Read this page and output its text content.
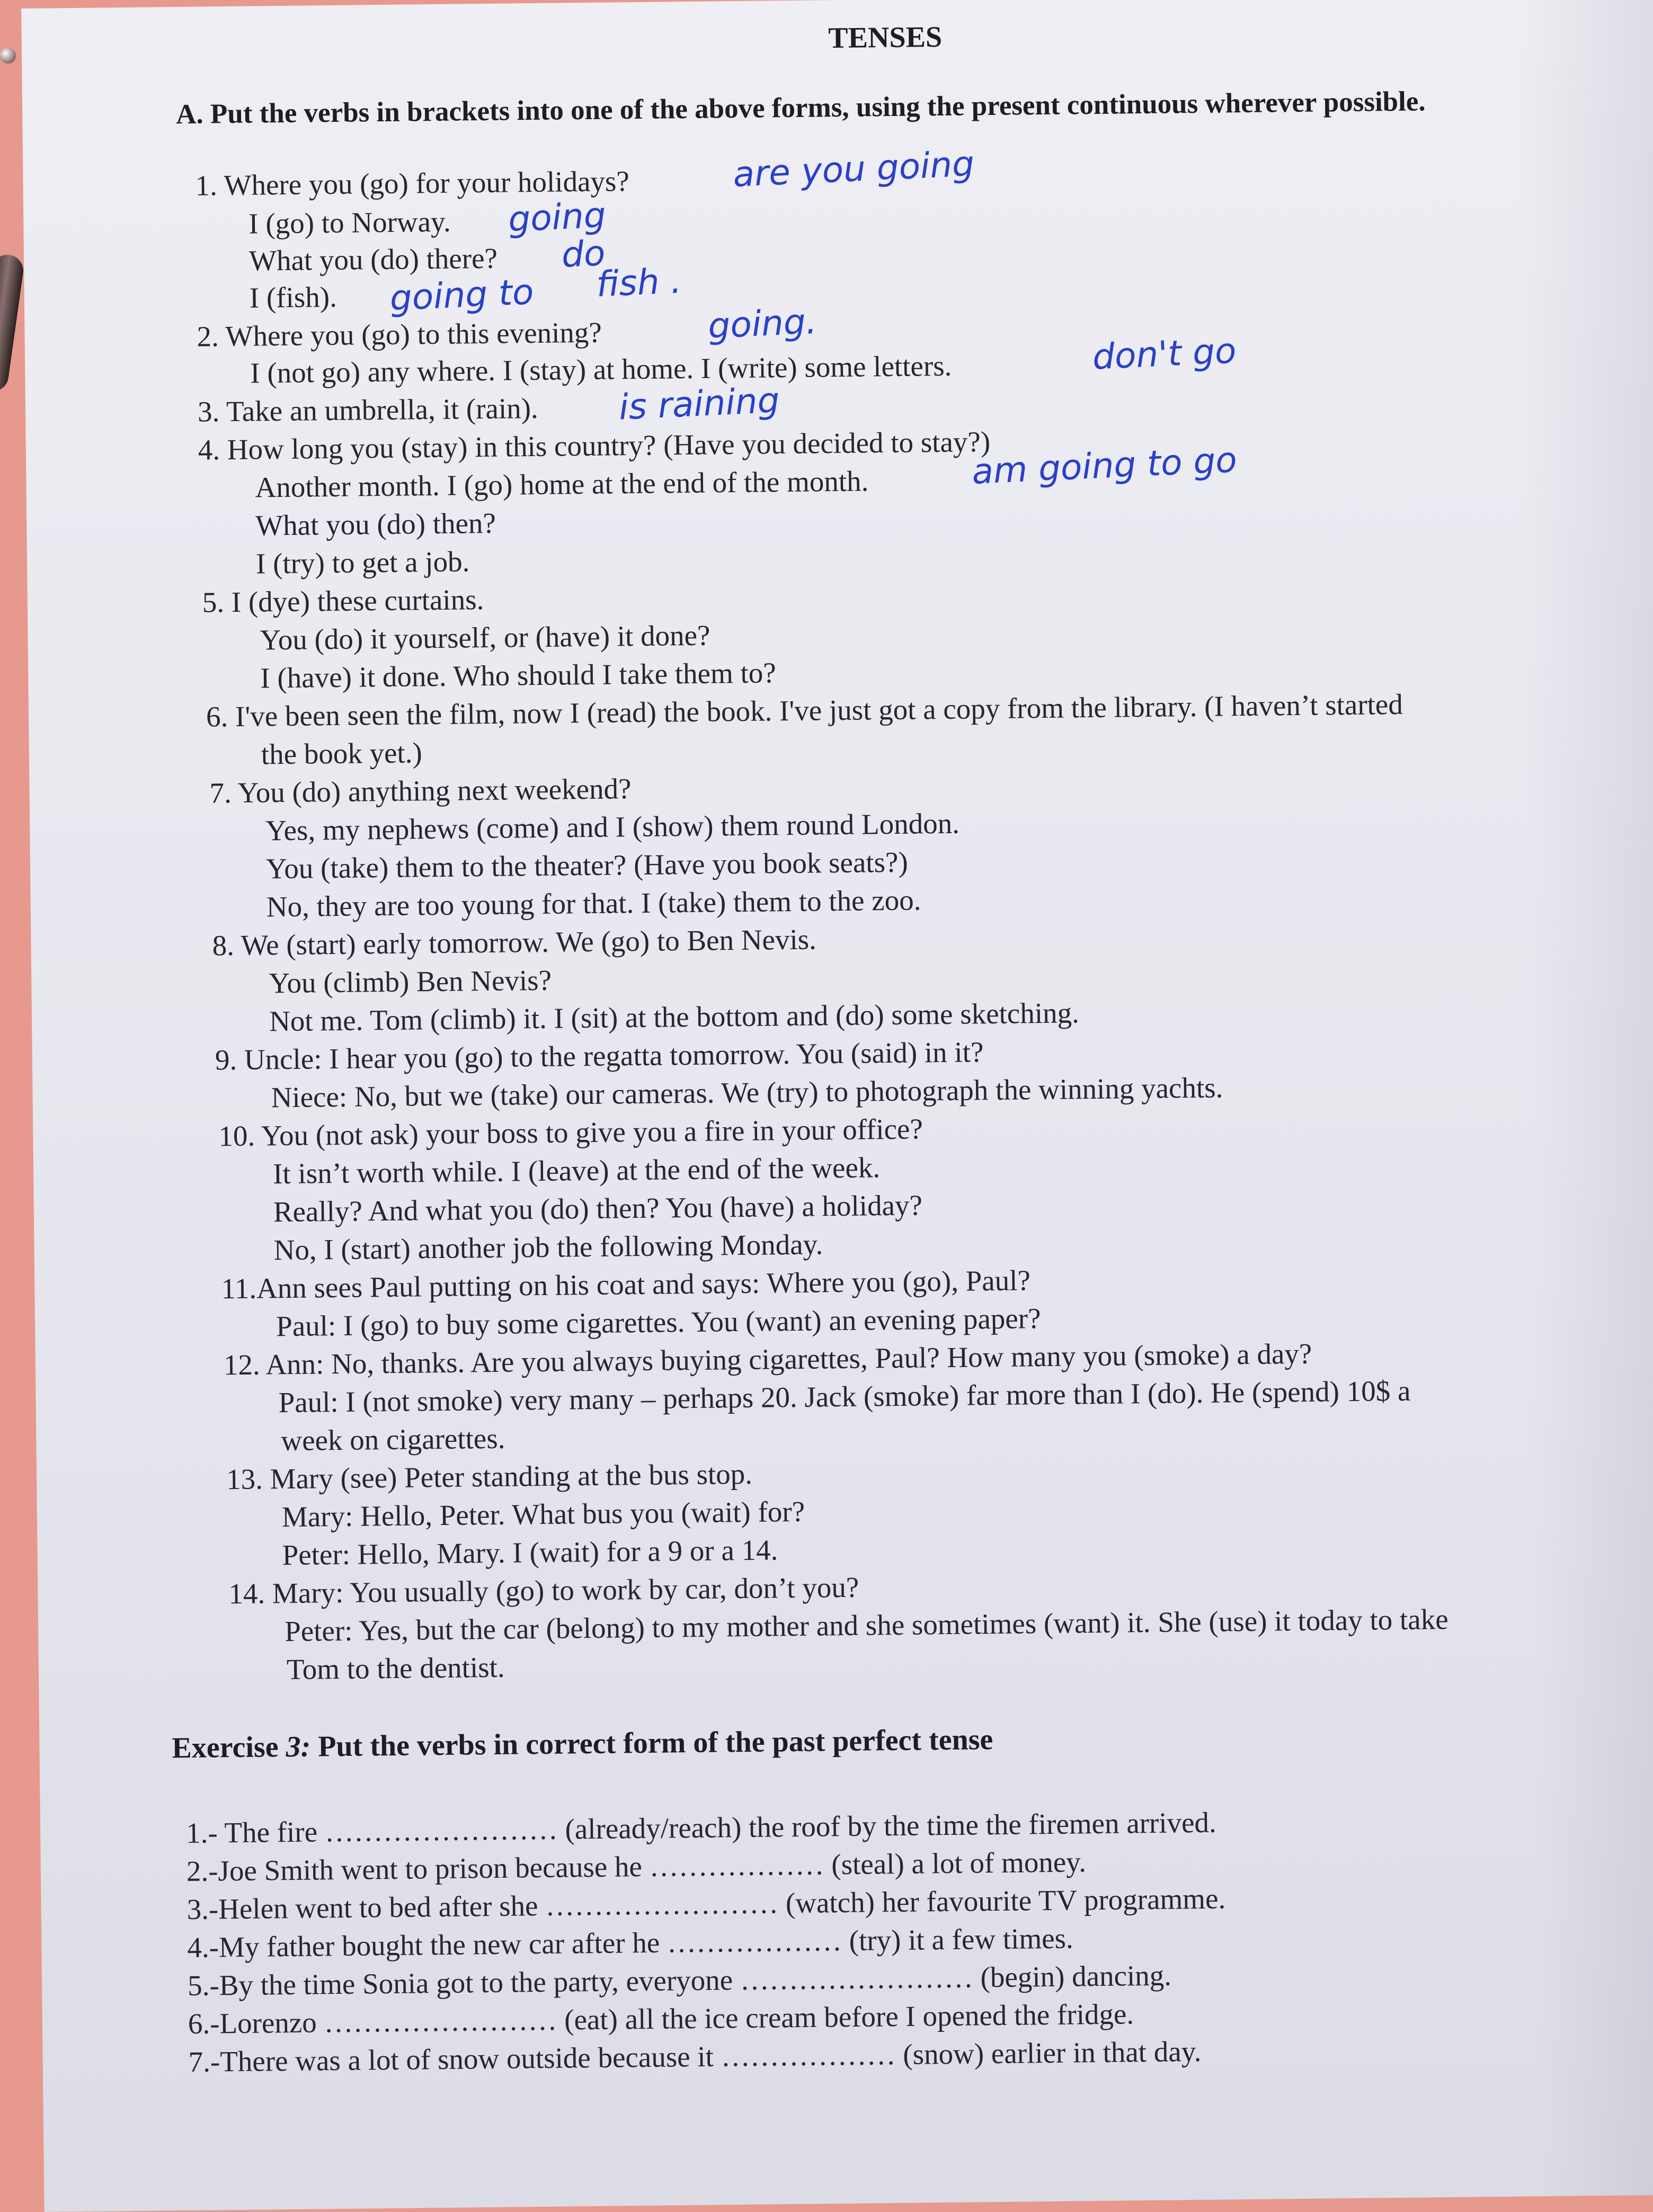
TENSES
A. Put the verbs in brackets into one of the above forms, using the present continuous wherever possible.
1. Where you (go) for your holidays?
I (go) to Norway.
What you (do) there?
I (fish).
2. Where you (go) to this evening?
I (not go) any where. I (stay) at home. I (write) some letters.
3. Take an umbrella, it (rain).
4. How long you (stay) in this country? (Have you decided to stay?)
Another month. I (go) home at the end of the month.
What you (do) then?
I (try) to get a job.
5. I (dye) these curtains.
You (do) it yourself, or (have) it done?
I (have) it done. Who should I take them to?
6. I've been seen the film, now I (read) the book. I've just got a copy from the library. (I haven’t started
the book yet.)
7. You (do) anything next weekend?
Yes, my nephews (come) and I (show) them round London.
You (take) them to the theater? (Have you book seats?)
No, they are too young for that. I (take) them to the zoo.
8. We (start) early tomorrow. We (go) to Ben Nevis.
You (climb) Ben Nevis?
Not me. Tom (climb) it. I (sit) at the bottom and (do) some sketching.
9. Uncle: I hear you (go) to the regatta tomorrow. You (said) in it?
Niece: No, but we (take) our cameras. We (try) to photograph the winning yachts.
10. You (not ask) your boss to give you a fire in your office?
It isn’t worth while. I (leave) at the end of the week.
Really? And what you (do) then? You (have) a holiday?
No, I (start) another job the following Monday.
11.Ann sees Paul putting on his coat and says: Where you (go), Paul?
Paul: I (go) to buy some cigarettes. You (want) an evening paper?
12. Ann: No, thanks. Are you always buying cigarettes, Paul? How many you (smoke) a day?
Paul: I (not smoke) very many – perhaps 20. Jack (smoke) far more than I (do). He (spend) 10$ a
week on cigarettes.
13. Mary (see) Peter standing at the bus stop.
Mary: Hello, Peter. What bus you (wait) for?
Peter: Hello, Mary. I (wait) for a 9 or a 14.
14. Mary: You usually (go) to work by car, don’t you?
Peter: Yes, but the car (belong) to my mother and she sometimes (want) it. She (use) it today to take
Tom to the dentist.
are you going
going
do
going to fish .
going.
don't go
is raining
am going to go
Exercise 3: Put the verbs in correct form of the past perfect tense
1.- The fire …………………… (already/reach) the roof by the time the firemen arrived.
2.-Joe Smith went to prison because he ……………… (steal) a lot of money.
3.-Helen went to bed after she …………………… (watch) her favourite TV programme.
4.-My father bought the new car after he ……………… (try) it a few times.
5.-By the time Sonia got to the party, everyone …………………… (begin) dancing.
6.-Lorenzo …………………… (eat) all the ice cream before I opened the fridge.
7.-There was a lot of snow outside because it ……………… (snow) earlier in that day.
